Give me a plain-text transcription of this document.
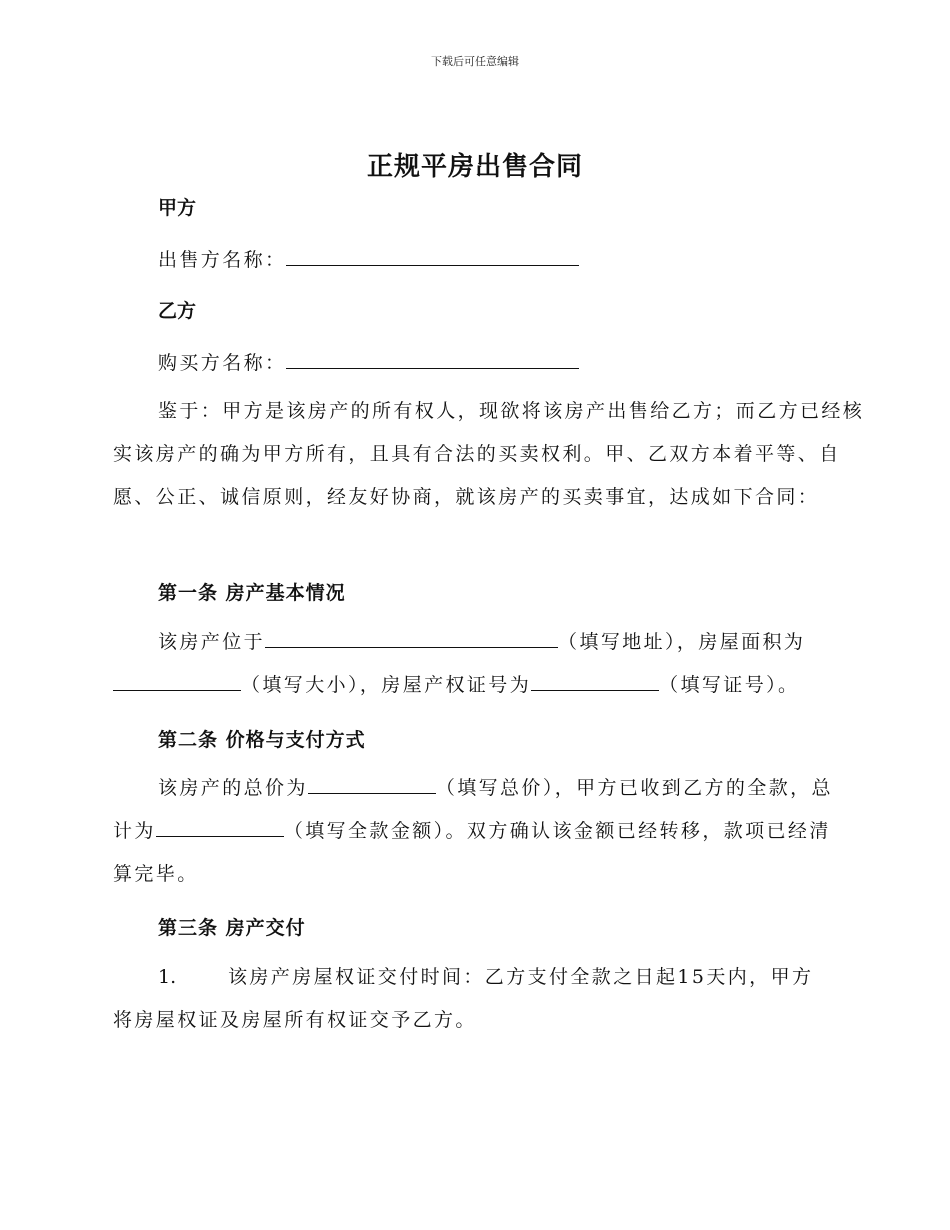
下载后可任意编辑
正规平房出售合同
甲方
出售方名称：
乙方
购买方名称：
鉴于：甲方是该房产的所有权人，现欲将该房产出售给乙方；而乙方已经核实该房产的确为甲方所有，且具有合法的买卖权利。甲、乙双方本着平等、自愿、公正、诚信原则，经友好协商，就该房产的买卖事宜，达成如下合同：
第一条 房产基本情况
该房产位于	（填写地址），房屋面积为
（填写大小），房屋产权证号为	（填写证号）。
第二条 价格与支付方式
该房产的总价为	（填写总价），甲方已收到乙方的全款，总计为	（填写全款金额）。双方确认该金额已经转移，款项已经清算完毕。
第三条 房产交付
1.	该房产房屋权证交付时间：乙方支付全款之日起15天内，甲方将房屋权证及房屋所有权证交予乙方。
